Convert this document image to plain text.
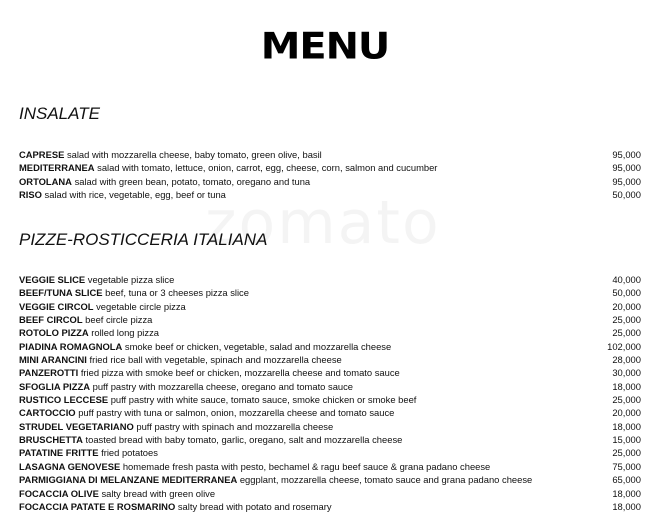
MENU
INSALATE
CAPRESE salad with mozzarella cheese, baby tomato, green olive, basil	95,000
MEDITERRANEA salad with tomato, lettuce, onion, carrot, egg, cheese, corn, salmon and cucumber	95,000
ORTOLANA salad with green bean, potato, tomato, oregano and tuna	95,000
RISO salad with rice, vegetable, egg, beef or tuna	50,000
PIZZE-ROSTICCERIA ITALIANA
VEGGIE SLICE vegetable pizza slice	40,000
BEEF/TUNA SLICE beef, tuna or 3 cheeses pizza slice	50,000
VEGGIE CIRCOL vegetable circle pizza	20,000
BEEF CIRCOL beef circle pizza	25,000
ROTOLO PIZZA rolled long pizza	25,000
PIADINA ROMAGNOLA smoke beef or chicken, vegetable, salad and mozzarella cheese	102,000
MINI ARANCINI fried rice ball with vegetable, spinach and mozzarella cheese	28,000
PANZEROTTI fried pizza with smoke beef or chicken, mozzarella cheese and tomato sauce	30,000
SFOGLIA PIZZA puff pastry with mozzarella cheese, oregano and tomato sauce	18,000
RUSTICO LECCESE puff pastry with white sauce, tomato sauce, smoke chicken or smoke beef	25,000
CARTOCCIO puff pastry with tuna or salmon, onion, mozzarella cheese and tomato sauce	20,000
STRUDEL VEGETARIANO puff pastry with spinach and mozzarella cheese	18,000
BRUSCHETTA toasted bread with baby tomato, garlic, oregano, salt and mozzarella cheese	15,000
PATATINE FRITTE fried potatoes	25,000
LASAGNA GENOVESE homemade fresh pasta with pesto, bechamel & ragu beef sauce & grana padano cheese	75,000
PARMIGGIANA DI MELANZANE MEDITERRANEA eggplant, mozzarella cheese, tomato sauce and grana padano cheese	65,000
FOCACCIA OLIVE salty bread with green olive	18,000
FOCACCIA PATATE E ROSMARINO salty bread with potato and rosemary	18,000
